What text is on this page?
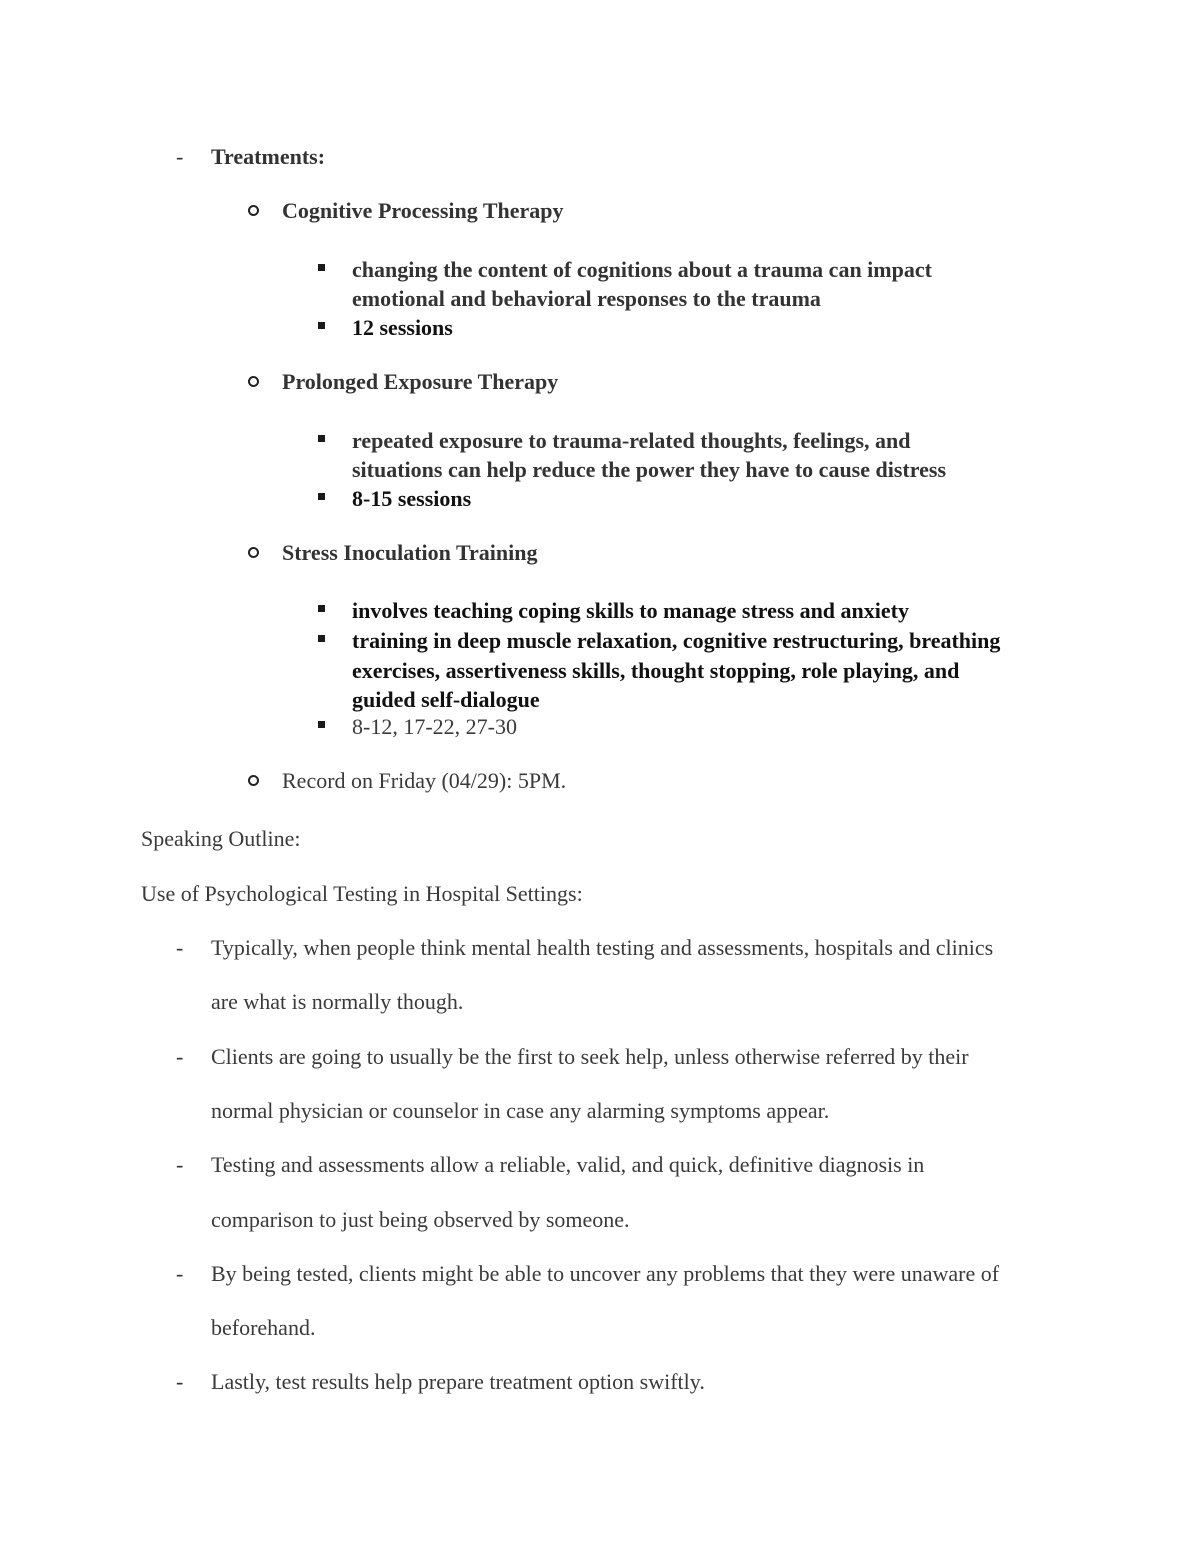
- Treatments:
Cognitive Processing Therapy
changing the content of cognitions about a trauma can impact
emotional and behavioral responses to the trauma
12 sessions
Prolonged Exposure Therapy
repeated exposure to trauma-related thoughts, feelings, and
situations can help reduce the power they have to cause distress
8-15 sessions
Stress Inoculation Training
involves teaching coping skills to manage stress and anxiety
training in deep muscle relaxation, cognitive restructuring, breathing
exercises, assertiveness skills, thought stopping, role playing, and
guided self-dialogue
8-12, 17-22, 27-30
Record on Friday (04/29): 5PM.
Speaking Outline:
Use of Psychological Testing in Hospital Settings:
- Typically, when people think mental health testing and assessments, hospitals and clinics
are what is normally though.
- Clients are going to usually be the first to seek help, unless otherwise referred by their
normal physician or counselor in case any alarming symptoms appear.
- Testing and assessments allow a reliable, valid, and quick, definitive diagnosis in
comparison to just being observed by someone.
- By being tested, clients might be able to uncover any problems that they were unaware of
beforehand.
- Lastly, test results help prepare treatment option swiftly.
